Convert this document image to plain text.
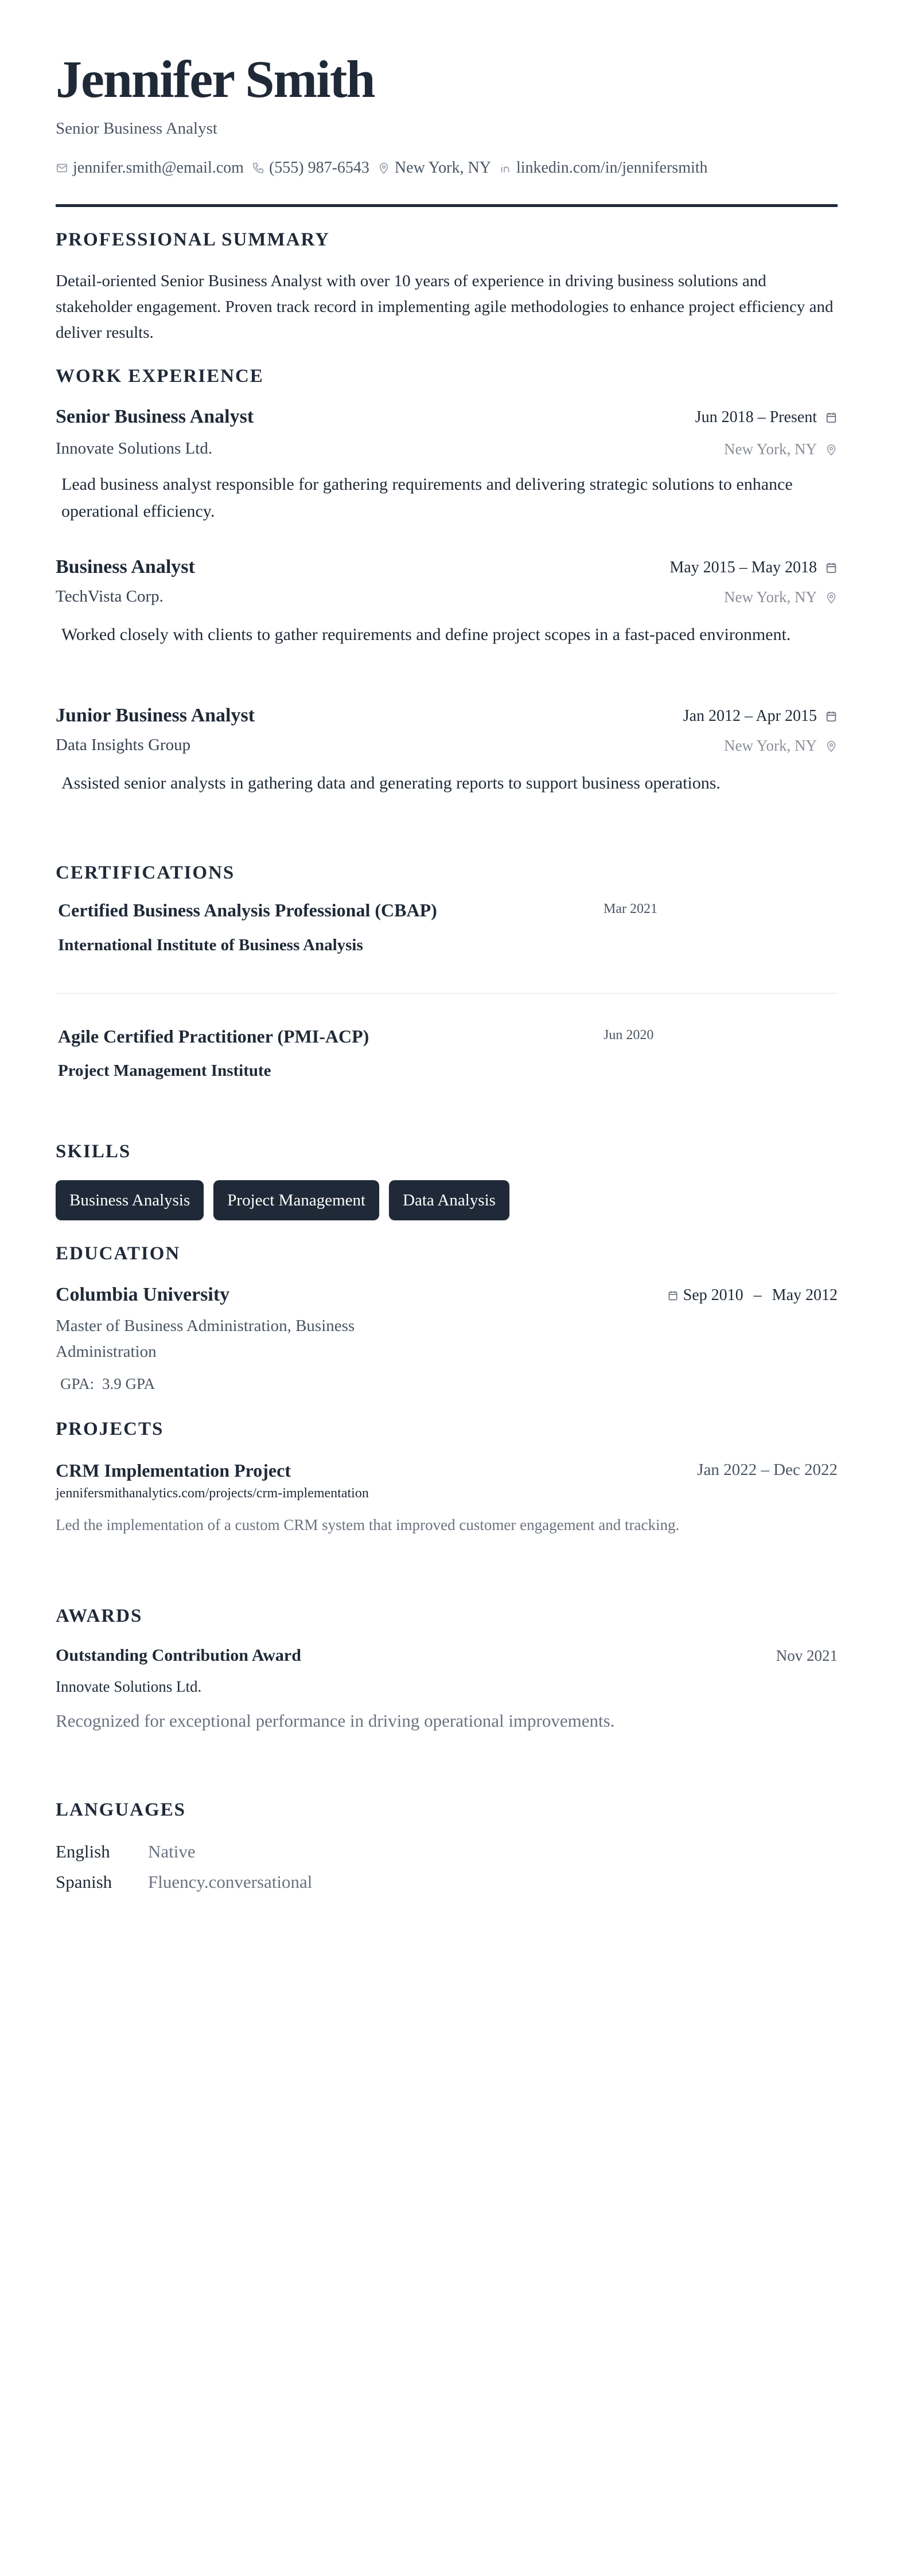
Jennifer Smith
Senior Business Analyst
jennifer.smith@email.com (555) 987-6543 New York, NY linkedin.com/in/jennifersmith
PROFESSIONAL SUMMARY
Detail-oriented Senior Business Analyst with over 10 years of experience in driving business solutions and stakeholder engagement. Proven track record in implementing agile methodologies to enhance project efficiency and deliver results.
WORK EXPERIENCE
Senior Business Analyst	Jun 2018 – Present
Innovate Solutions Ltd.	New York, NY
Lead business analyst responsible for gathering requirements and delivering strategic solutions to enhance operational efficiency.
Business Analyst	May 2015 – May 2018
TechVista Corp.	New York, NY
Worked closely with clients to gather requirements and define project scopes in a fast-paced environment.
Junior Business Analyst	Jan 2012 – Apr 2015
Data Insights Group	New York, NY
Assisted senior analysts in gathering data and generating reports to support business operations.
CERTIFICATIONS
Certified Business Analysis Professional (CBAP)	Mar 2021
International Institute of Business Analysis
Agile Certified Practitioner (PMI-ACP)	Jun 2020
Project Management Institute
SKILLS
Business Analysis	Project Management	Data Analysis
EDUCATION
Columbia University	Sep 2010 – May 2012
Master of Business Administration, Business Administration
GPA: 3.9 GPA
PROJECTS
CRM Implementation Project	Jan 2022 – Dec 2022
jennifersmithanalytics.com/projects/crm-implementation
Led the implementation of a custom CRM system that improved customer engagement and tracking.
AWARDS
Outstanding Contribution Award	Nov 2021
Innovate Solutions Ltd.
Recognized for exceptional performance in driving operational improvements.
LANGUAGES
English Native
Spanish Fluency.conversational
